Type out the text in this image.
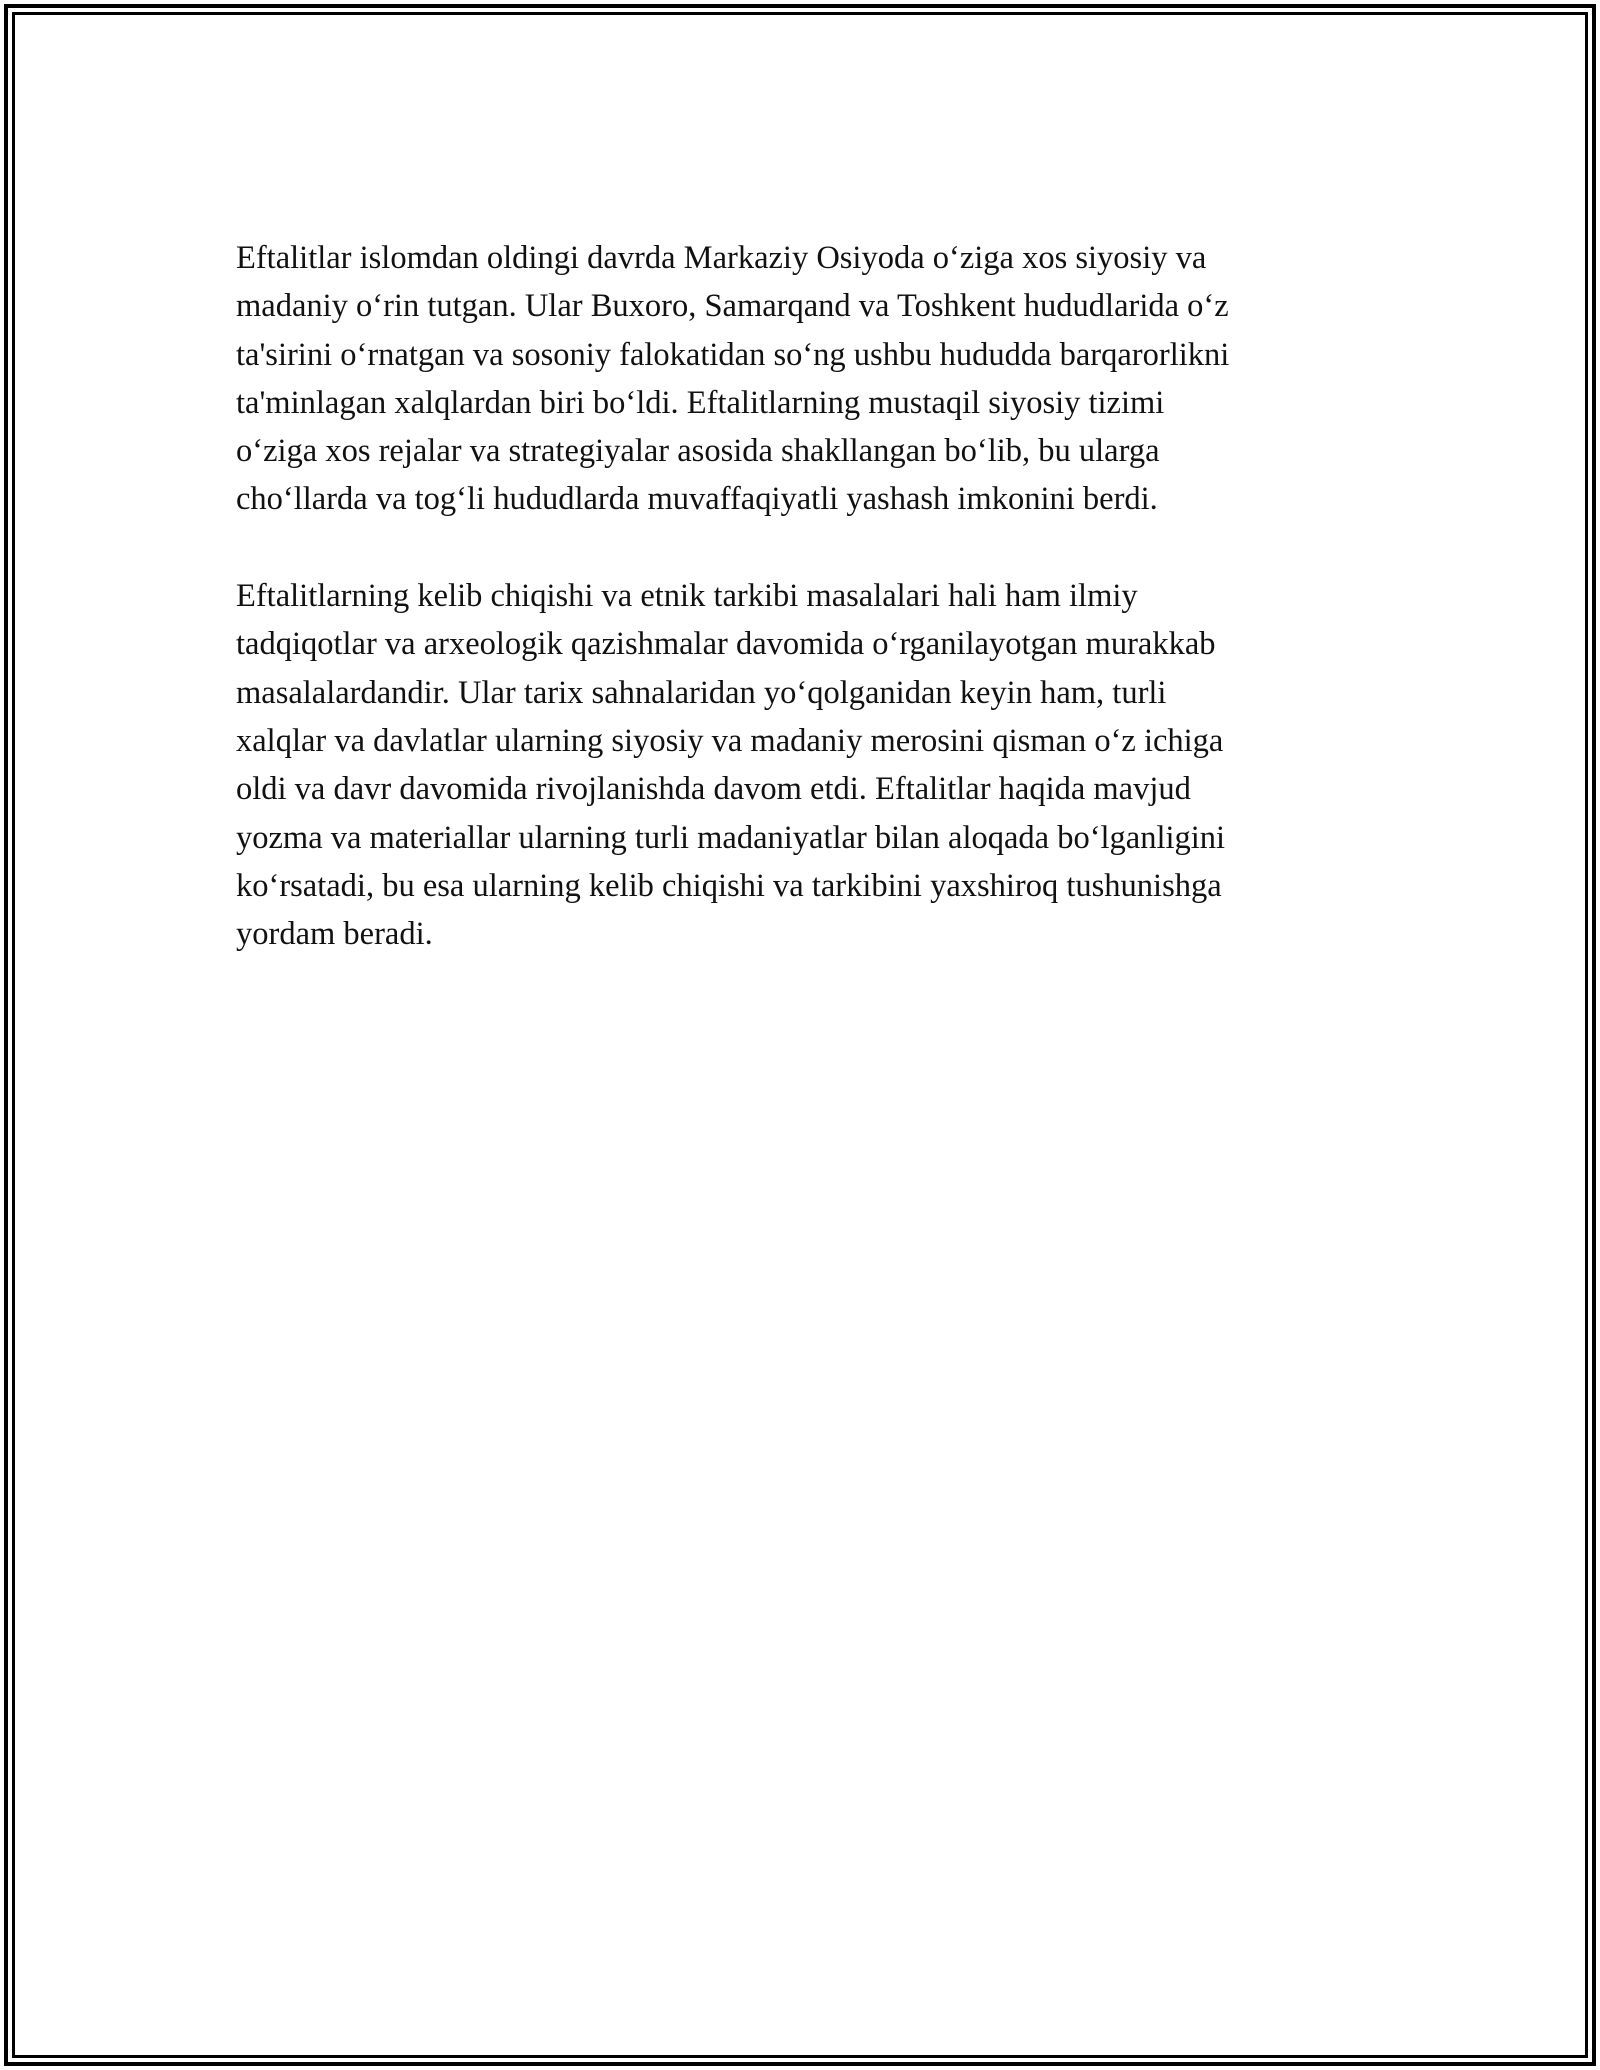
Eftalitlar islomdan oldingi davrda Markaziy Osiyoda o‘ziga xos siyosiy va
madaniy o‘rin tutgan. Ular Buxoro, Samarqand va Toshkent hududlarida o‘z
ta'sirini o‘rnatgan va sosoniy falokatidan so‘ng ushbu hududda barqarorlikni
ta'minlagan xalqlardan biri bo‘ldi. Eftalitlarning mustaqil siyosiy tizimi
o‘ziga xos rejalar va strategiyalar asosida shakllangan bo‘lib, bu ularga
cho‘llarda va tog‘li hududlarda muvaffaqiyatli yashash imkonini berdi.

Eftalitlarning kelib chiqishi va etnik tarkibi masalalari hali ham ilmiy
tadqiqotlar va arxeologik qazishmalar davomida o‘rganilayotgan murakkab
masalalardandir. Ular tarix sahnalaridan yo‘qolganidan keyin ham, turli
xalqlar va davlatlar ularning siyosiy va madaniy merosini qisman o‘z ichiga
oldi va davr davomida rivojlanishda davom etdi. Eftalitlar haqida mavjud
yozma va materiallar ularning turli madaniyatlar bilan aloqada bo‘lganligini
ko‘rsatadi, bu esa ularning kelib chiqishi va tarkibini yaxshiroq tushunishga
yordam beradi.
